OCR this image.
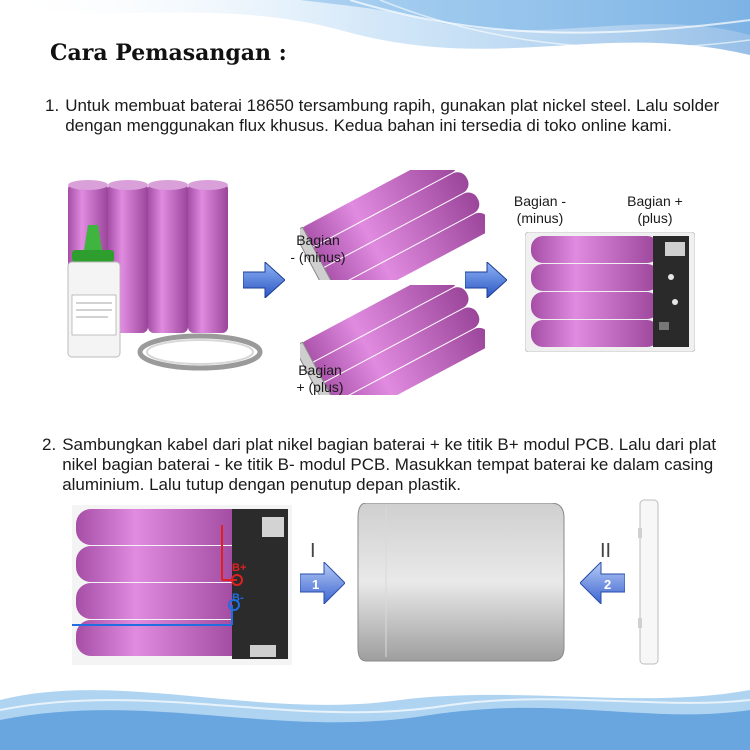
Cara Pemasangan :
1. Untuk membuat baterai 18650 tersambung rapih, gunakan plat nickel steel. Lalu solder dengan menggunakan flux khusus. Kedua bahan ini tersedia di toko online kami.
Bagian
- (minus)
Bagian
+ (plus)
Bagian -
(minus)
Bagian +
(plus)
2. Sambungkan kabel dari plat nikel bagian baterai + ke titik B+ modul PCB. Lalu dari plat nikel bagian baterai - ke titik B- modul PCB. Masukkan tempat baterai ke dalam casing aluminium. Lalu tutup dengan penutup depan plastik.
B+
B-
I
1
II
2
